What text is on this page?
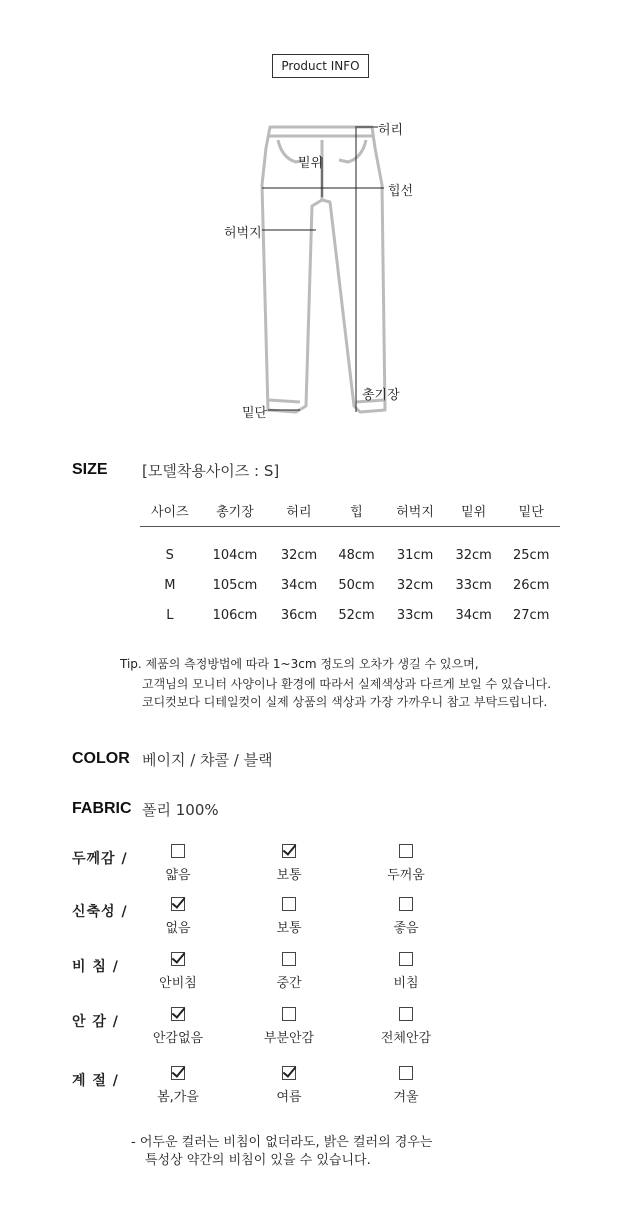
Product INFO
허리
밑위
힙선
허벅지
총기장
밑단
SIZE [모델착용사이즈 : S]
사이즈	총기장	허리	힙	허벅지	밑위	밑단
S	104cm	32cm	48cm	31cm	32cm	25cm
M	105cm	34cm	50cm	32cm	33cm	26cm
L	106cm	36cm	52cm	33cm	34cm	27cm
Tip. 제품의 측정방법에 따라 1~3cm 정도의 오차가 생길 수 있으며,
고객님의 모니터 사양이나 환경에 따라서 실제색상과 다르게 보일 수 있습니다.
코디컷보다 디테일컷이 실제 상품의 색상과 가장 가까우니 참고 부탁드립니다.
COLOR 베이지 / 챠콜 / 블랙
FABRIC 폴리 100%
두께감 /
얇음	보통	두꺼움
신축성 /
없음	보통	좋음
비 침 /
안비침	중간	비침
안 감 /
안감없음	부분안감	전체안감
계 절 /
봄,가을	여름	겨울
- 어두운 컬러는 비침이 없더라도, 밝은 컬러의 경우는
특성상 약간의 비침이 있을 수 있습니다.
